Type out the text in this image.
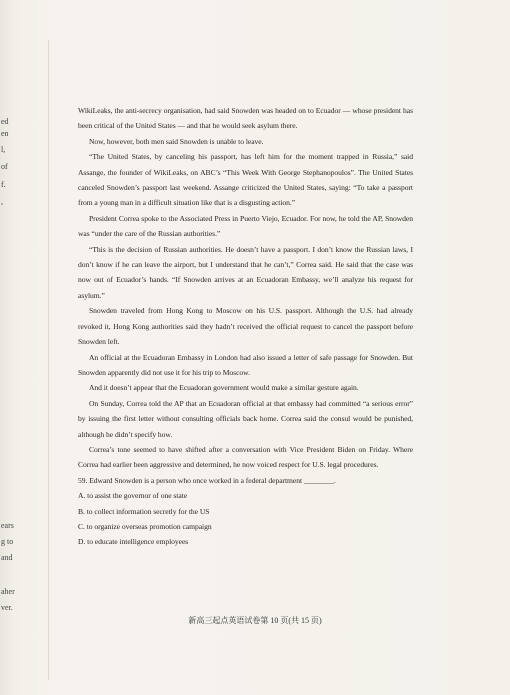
ed
en
l,
of
f.
,
ears
g to
and
aher
ver.

WikiLeaks, the anti-secrecy organisation, had said Snowden was headed on to Ecuador — whose president has been critical of the United States — and that he would seek asylum there.

Now, however, both men said Snowden is unable to leave.

“The United States, by canceling his passport, has left him for the moment trapped in Russia,” said Assange, the founder of WikiLeaks, on ABC’s “This Week With George Stephanopoulos”. The United States canceled Snowden’s passport last weekend. Assange criticized the United States, saying: “To take a passport from a young man in a difficult situation like that is a disgusting action.”

President Correa spoke to the Associated Press in Puerto Viejo, Ecuador. For now, he told the AP, Snowden was “under the care of the Russian authorities.”

“This is the decision of Russian authorities. He doesn’t have a passport. I don’t know the Russian laws, I don’t know if he can leave the airport, but I understand that he can’t,” Correa said. He said that the case was now out of Ecuador’s hands. “If Snowden arrives at an Ecuadoran Embassy, we’ll analyze his request for asylum.”

Snowden traveled from Hong Kong to Moscow on his U.S. passport. Although the U.S. had already revoked it, Hong Kong authorities said they hadn’t received the official request to cancel the passport before Snowden left.

An official at the Ecuadoran Embassy in London had also issued a letter of safe passage for Snowden. But Snowden apparently did not use it for his trip to Moscow.

And it doesn’t appear that the Ecuadoran government would make a similar gesture again.

On Sunday, Correa told the AP that an Ecuadoran official at that embassy had committed “a serious error” by issuing the first letter without consulting officials back home. Correa said the consul would be punished, although he didn’t specify how.

Correa’s tone seemed to have shifted after a conversation with Vice President Biden on Friday. Where Correa had earlier been aggressive and determined, he now voiced respect for U.S. legal procedures.

59. Edward Snowden is a person who once worked in a federal department ________.

A. to assist the governor of one state

B. to collect information secretly for the US

C. to organize overseas promotion campaign

D. to educate intelligence employees

新高三起点英语试卷第 10 页(共 15 页)
